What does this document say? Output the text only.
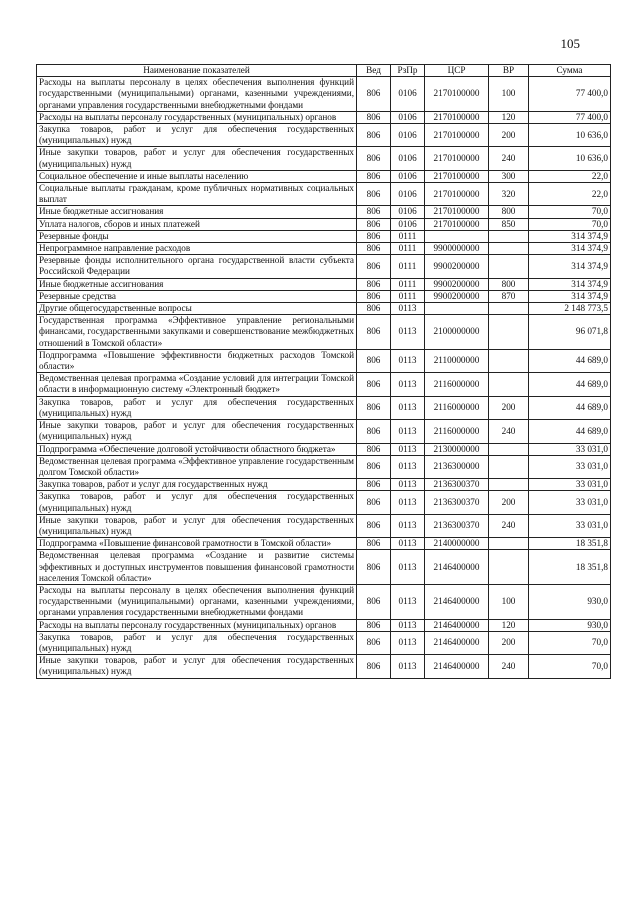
105
Наименование показателей	Вед	РзПр	ЦСР	ВР	Сумма
Расходы на выплаты персоналу в целях обеспечения выполнения функций государственными (муниципальными) органами, казенными учреждениями, органами управления государственными внебюджетными фондами	806	0106	2170100000	100	77 400,0
Расходы на выплаты персоналу государственных (муниципальных) органов	806	0106	2170100000	120	77 400,0
Закупка товаров, работ и услуг для обеспечения государственных (муниципальных) нужд	806	0106	2170100000	200	10 636,0
Иные закупки товаров, работ и услуг для обеспечения государственных (муниципальных) нужд	806	0106	2170100000	240	10 636,0
Социальное обеспечение и иные выплаты населению	806	0106	2170100000	300	22,0
Социальные выплаты гражданам, кроме публичных нормативных социальных выплат	806	0106	2170100000	320	22,0
Иные бюджетные ассигнования	806	0106	2170100000	800	70,0
Уплата налогов, сборов и иных платежей	806	0106	2170100000	850	70,0
Резервные фонды	806	0111			314 374,9
Непрограммное направление расходов	806	0111	9900000000		314 374,9
Резервные фонды исполнительного органа государственной власти субъекта Российской Федерации	806	0111	9900200000		314 374,9
Иные бюджетные ассигнования	806	0111	9900200000	800	314 374,9
Резервные средства	806	0111	9900200000	870	314 374,9
Другие общегосударственные вопросы	806	0113			2 148 773,5
Государственная программа «Эффективное управление региональными финансами, государственными закупками и совершенствование межбюджетных отношений в Томской области»	806	0113	2100000000		96 071,8
Подпрограмма «Повышение эффективности бюджетных расходов Томской области»	806	0113	2110000000		44 689,0
Ведомственная целевая программа «Создание условий для интеграции Томской области в информационную систему «Электронный бюджет»	806	0113	2116000000		44 689,0
Закупка товаров, работ и услуг для обеспечения государственных (муниципальных) нужд	806	0113	2116000000	200	44 689,0
Иные закупки товаров, работ и услуг для обеспечения государственных (муниципальных) нужд	806	0113	2116000000	240	44 689,0
Подпрограмма «Обеспечение долговой устойчивости областного бюджета»	806	0113	2130000000		33 031,0
Ведомственная целевая программа «Эффективное управление государственным долгом Томской области»	806	0113	2136300000		33 031,0
Закупка товаров, работ и услуг для государственных нужд	806	0113	2136300370		33 031,0
Закупка товаров, работ и услуг для обеспечения государственных (муниципальных) нужд	806	0113	2136300370	200	33 031,0
Иные закупки товаров, работ и услуг для обеспечения государственных (муниципальных) нужд	806	0113	2136300370	240	33 031,0
Подпрограмма «Повышение финансовой грамотности в Томской области»	806	0113	2140000000		18 351,8
Ведомственная целевая программа «Создание и развитие системы эффективных и доступных инструментов повышения финансовой грамотности населения Томской области»	806	0113	2146400000		18 351,8
Расходы на выплаты персоналу в целях обеспечения выполнения функций государственными (муниципальными) органами, казенными учреждениями, органами управления государственными внебюджетными фондами	806	0113	2146400000	100	930,0
Расходы на выплаты персоналу государственных (муниципальных) органов	806	0113	2146400000	120	930,0
Закупка товаров, работ и услуг для обеспечения государственных (муниципальных) нужд	806	0113	2146400000	200	70,0
Иные закупки товаров, работ и услуг для обеспечения государственных (муниципальных) нужд	806	0113	2146400000	240	70,0
